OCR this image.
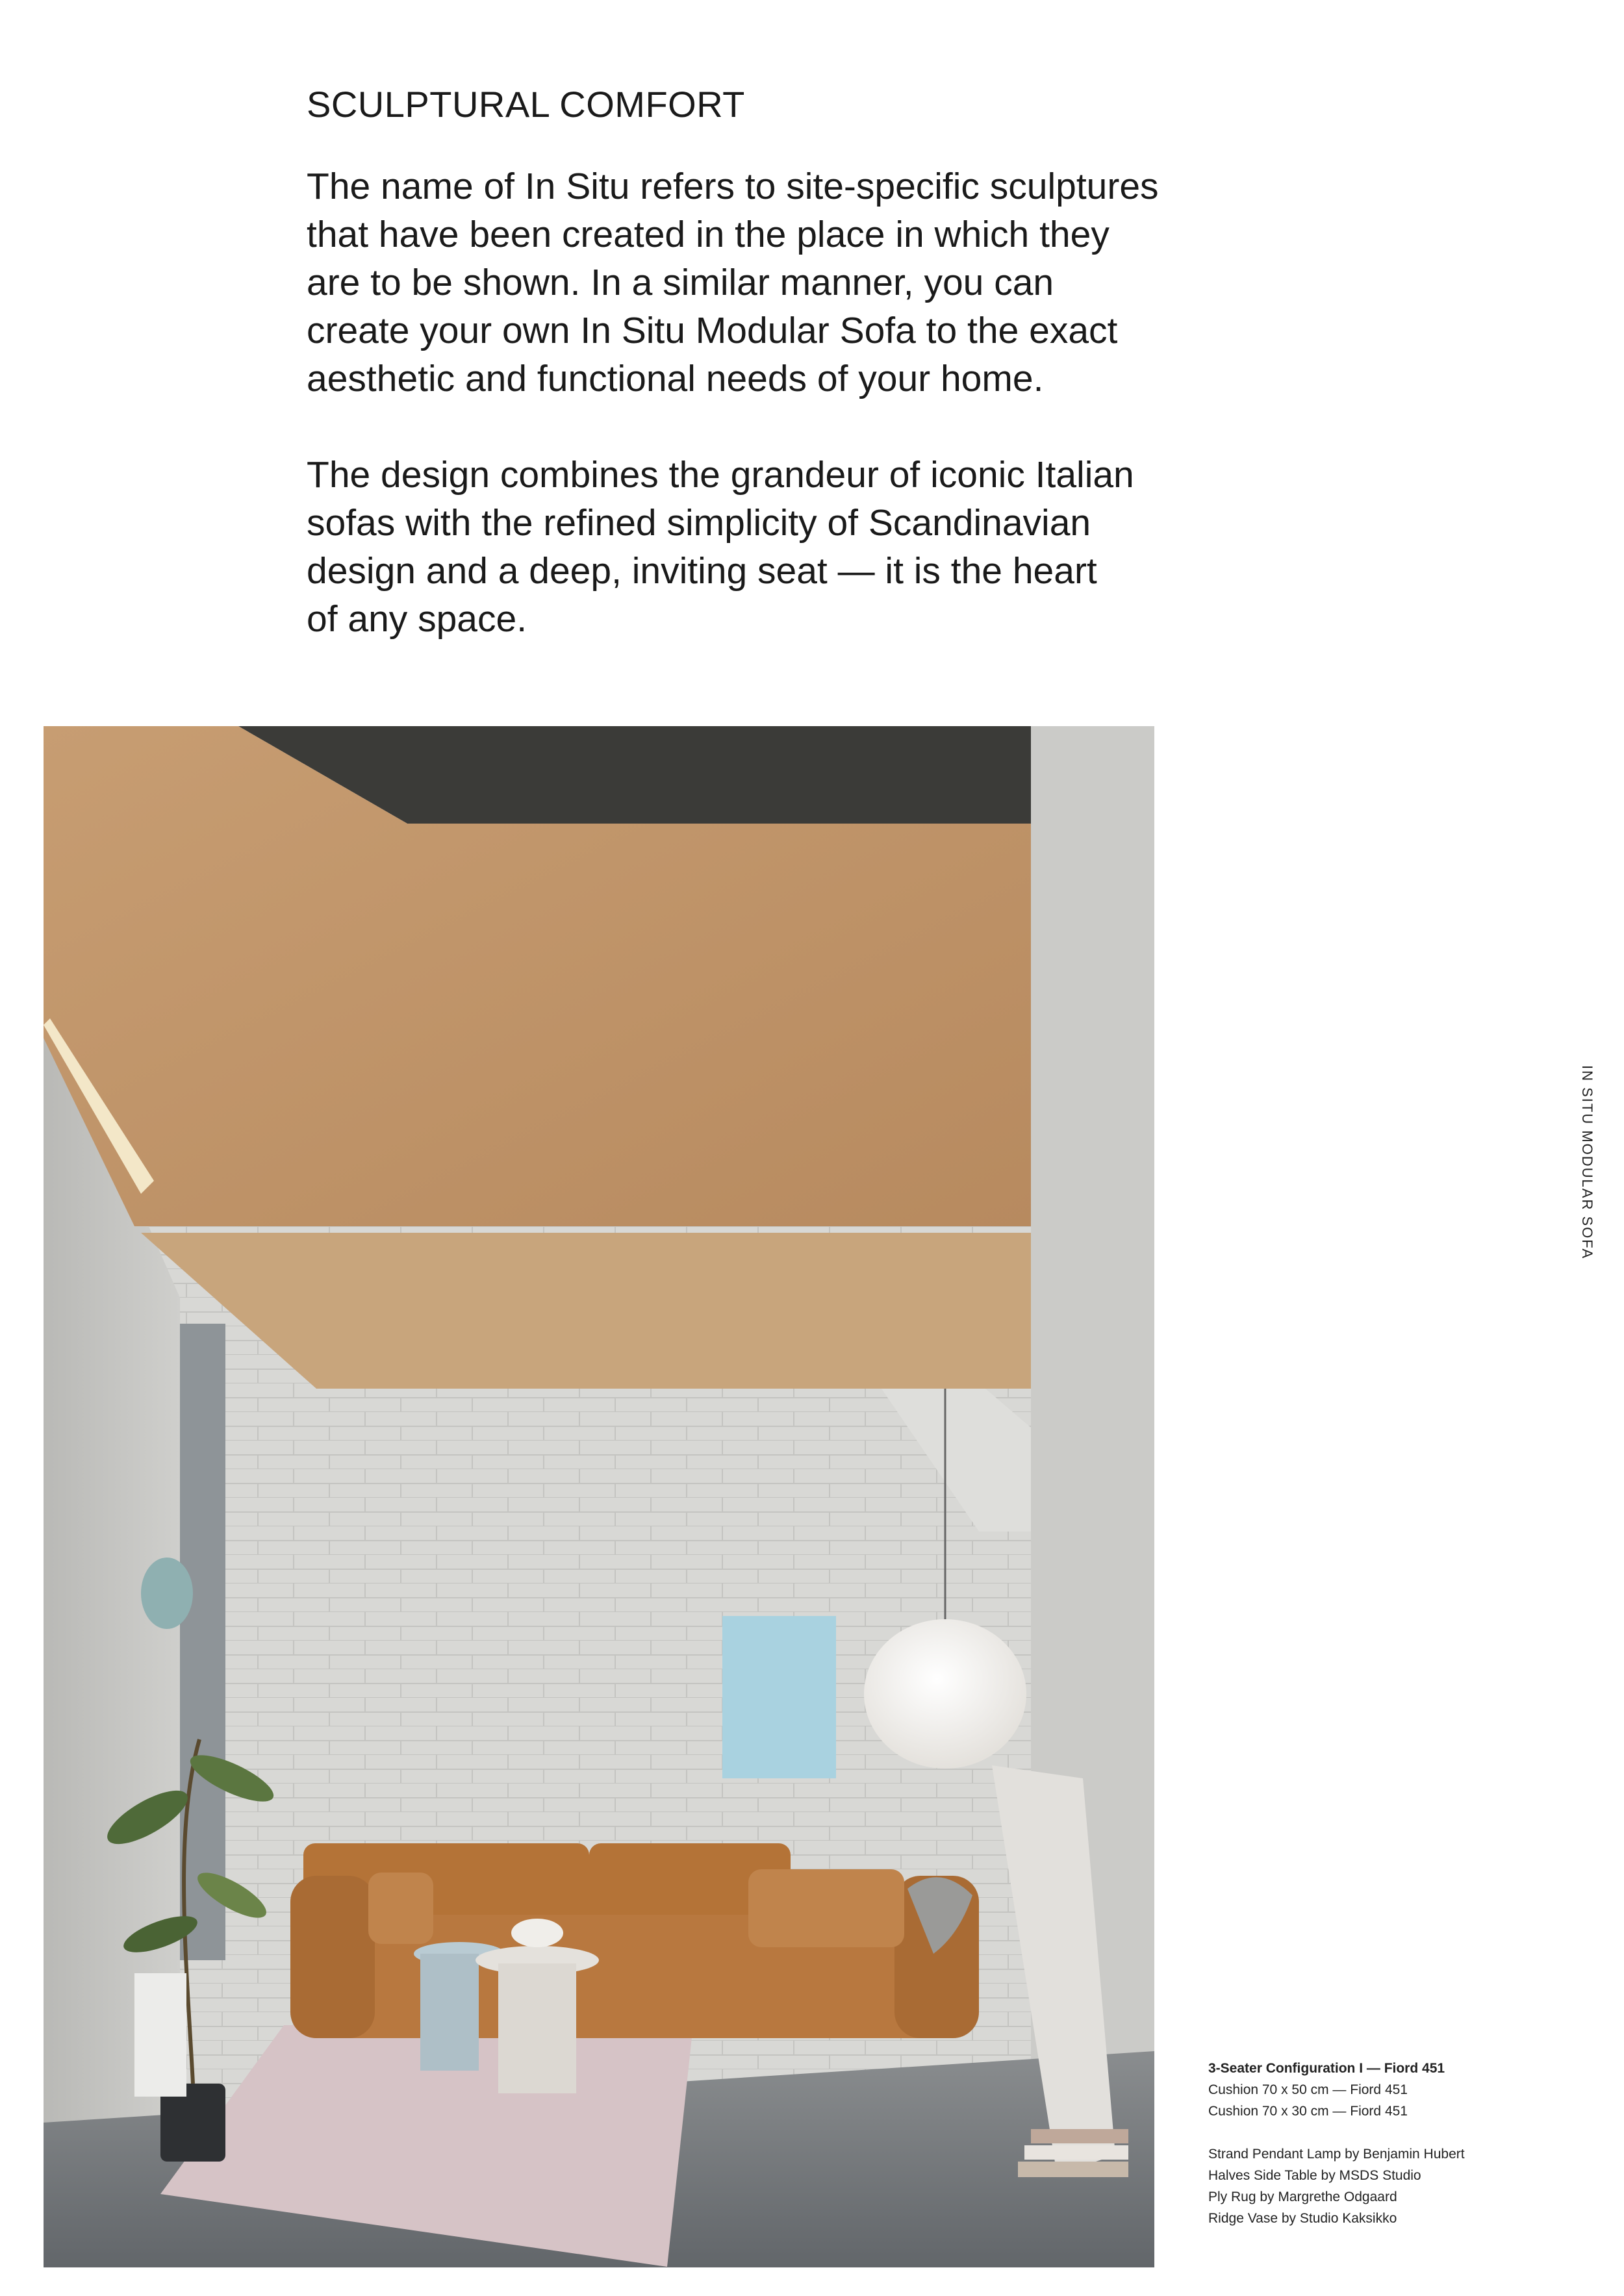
SCULPTURAL COMFORT

The name of In Situ refers to site-specific sculptures
that have been created in the place in which they
are to be shown. In a similar manner, you can
create your own In Situ Modular Sofa to the exact
aesthetic and functional needs of your home.

The design combines the grandeur of iconic Italian
sofas with the refined simplicity of Scandinavian
design and a deep, inviting seat — it is the heart
of any space.

IN SITU MODULAR SOFA
3-Seater Configuration I — Fiord 451
Cushion 70 x 50 cm — Fiord 451
Cushion 70 x 30 cm — Fiord 451
Strand Pendant Lamp by Benjamin Hubert
Halves Side Table by MSDS Studio
Ply Rug by Margrethe Odgaard
Ridge Vase by Studio Kaksikko
